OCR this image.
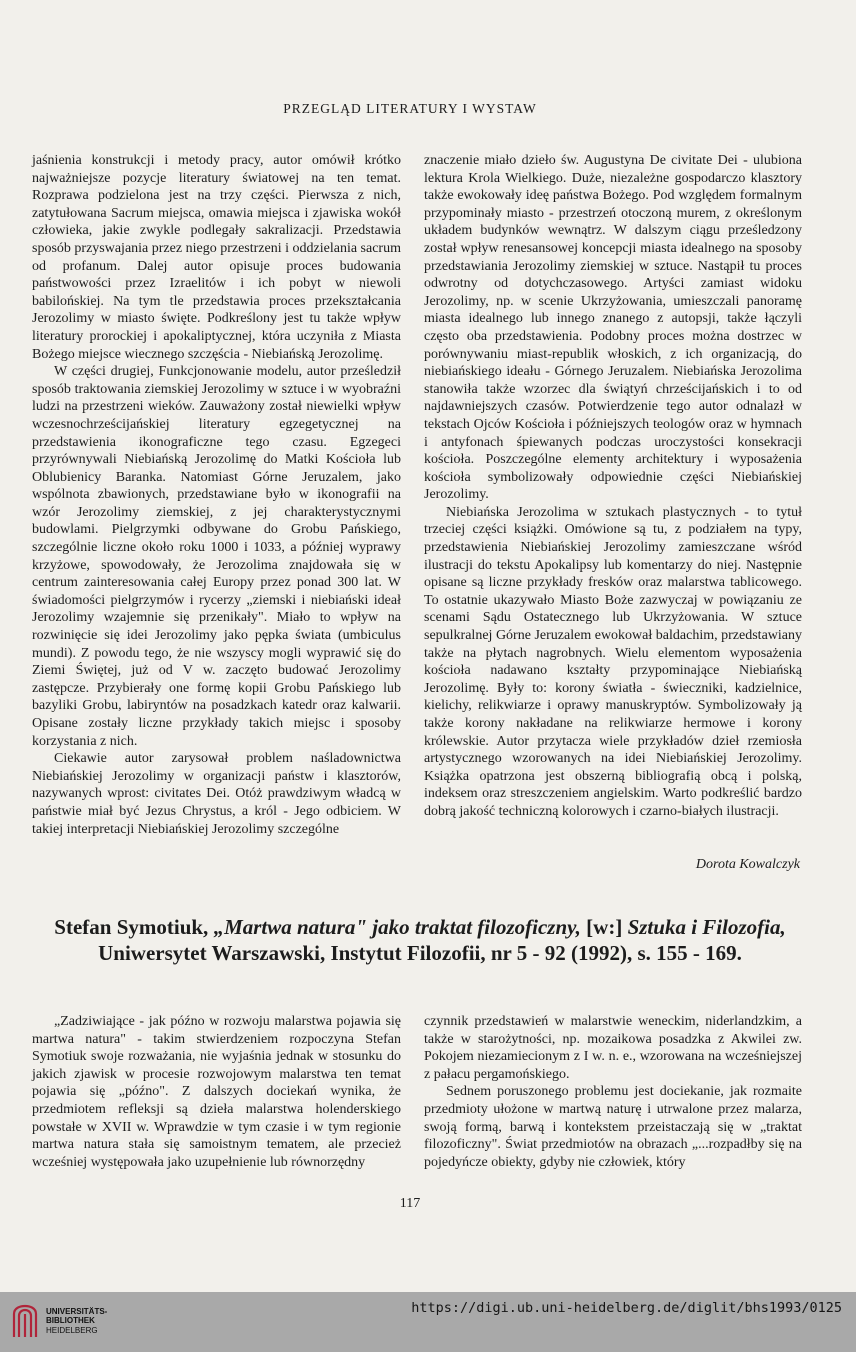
PRZEGLĄD LITERATURY I WYSTAW

jaśnienia konstrukcji i metody pracy, autor omówił krótko najważniejsze pozycje literatury światowej na ten temat. Rozprawa podzielona jest na trzy części. Pierwsza z nich, zatytułowana Sacrum miejsca, omawia miejsca i zjawiska wokół człowieka, jakie zwykle podlegały sakralizacji. Przedstawia sposób przyswajania przez niego przestrzeni i oddzielania sacrum od profanum. Dalej autor opisuje proces budowania państwowości przez Izraelitów i ich pobyt w niewoli babilońskiej. Na tym tle przedstawia proces przekształcania Jerozolimy w miasto święte. Podkreślony jest tu także wpływ literatury prorockiej i apokaliptycznej, która uczyniła z Miasta Bożego miejsce wiecznego szczęścia - Niebiańską Jerozolimę.

W części drugiej, Funkcjonowanie modelu, autor prześledził sposób traktowania ziemskiej Jerozolimy w sztuce i w wyobraźni ludzi na przestrzeni wieków. Zauważony został niewielki wpływ wczesnochrześcijańskiej literatury egzegetycznej na przedstawienia ikonograficzne tego czasu. Egzegeci przyrównywali Niebiańską Jerozolimę do Matki Kościoła lub Oblubienicy Baranka. Natomiast Górne Jeruzalem, jako wspólnota zbawionych, przedstawiane było w ikonografii na wzór Jerozolimy ziemskiej, z jej charakterystycznymi budowlami. Pielgrzymki odbywane do Grobu Pańskiego, szczególnie liczne około roku 1000 i 1033, a później wyprawy krzyżowe, spowodowały, że Jerozolima znajdowała się w centrum zainteresowania całej Europy przez ponad 300 lat. W świadomości pielgrzymów i rycerzy „ziemski i niebiański ideał Jerozolimy wzajemnie się przenikały". Miało to wpływ na rozwinięcie się idei Jerozolimy jako pępka świata (umbiculus mundi). Z powodu tego, że nie wszyscy mogli wyprawić się do Ziemi Świętej, już od V w. zaczęto budować Jerozolimy zastępcze. Przybierały one formę kopii Grobu Pańskiego lub bazyliki Grobu, labiryntów na posadzkach katedr oraz kalwarii. Opisane zostały liczne przykłady takich miejsc i sposoby korzystania z nich.

Ciekawie autor zarysował problem naśladownictwa Niebiańskiej Jerozolimy w organizacji państw i klasztorów, nazywanych wprost: civitates Dei. Otóż prawdziwym władcą w państwie miał być Jezus Chrystus, a król - Jego odbiciem. W takiej interpretacji Niebiańskiej Jerozolimy szczególne

znaczenie miało dzieło św. Augustyna De civitate Dei - ulubiona lektura Krola Wielkiego. Duże, niezależne gospodarczo klasztory także ewokowały ideę państwa Bożego. Pod względem formalnym przypominały miasto - przestrzeń otoczoną murem, z określonym układem budynków wewnątrz. W dalszym ciągu prześledzony został wpływ renesansowej koncepcji miasta idealnego na sposoby przedstawiania Jerozolimy ziemskiej w sztuce. Nastąpił tu proces odwrotny od dotychczasowego. Artyści zamiast widoku Jerozolimy, np. w scenie Ukrzyżowania, umieszczali panoramę miasta idealnego lub innego znanego z autopsji, także łączyli często oba przedstawienia. Podobny proces można dostrzec w porównywaniu miast-republik włoskich, z ich organizacją, do niebiańskiego ideału - Górnego Jeruzalem. Niebiańska Jerozolima stanowiła także wzorzec dla świątyń chrześcijańskich i to od najdawniejszych czasów. Potwierdzenie tego autor odnalazł w tekstach Ojców Kościoła i późniejszych teologów oraz w hymnach i antyfonach śpiewanych podczas uroczystości konsekracji kościoła. Poszczególne elementy architektury i wyposażenia kościoła symbolizowały odpowiednie części Niebiańskiej Jerozolimy.

Niebiańska Jerozolima w sztukach plastycznych - to tytuł trzeciej części książki. Omówione są tu, z podziałem na typy, przedstawienia Niebiańskiej Jerozolimy zamieszczane wśród ilustracji do tekstu Apokalipsy lub komentarzy do niej. Następnie opisane są liczne przykłady fresków oraz malarstwa tablicowego. To ostatnie ukazywało Miasto Boże zazwyczaj w powiązaniu ze scenami Sądu Ostatecznego lub Ukrzyżowania. W sztuce sepulkralnej Górne Jeruzalem ewokował baldachim, przedstawiany także na płytach nagrobnych. Wielu elementom wyposażenia kościoła nadawano kształty przypominające Niebiańską Jerozolimę. Były to: korony światła - świeczniki, kadzielnice, kielichy, relikwiarze i oprawy manuskryptów. Symbolizowały ją także korony nakładane na relikwiarze hermowe i korony królewskie. Autor przytacza wiele przykładów dzieł rzemiosła artystycznego wzorowanych na idei Niebiańskiej Jerozolimy. Książka opatrzona jest obszerną bibliografią obcą i polską, indeksem oraz streszczeniem angielskim. Warto podkreślić bardzo dobrą jakość techniczną kolorowych i czarno-białych ilustracji.

Dorota Kowalczyk
Stefan Symotiuk, „Martwa natura" jako traktat filozoficzny, [w:] Sztuka i Filozofia,
Uniwersytet Warszawski, Instytut Filozofii, nr 5 - 92 (1992), s. 155 - 169.

„Zadziwiające - jak późno w rozwoju malarstwa pojawia się martwa natura" - takim stwierdzeniem rozpoczyna Stefan Symotiuk swoje rozważania, nie wyjaśnia jednak w stosunku do jakich zjawisk w procesie rozwojowym malarstwa ten temat pojawia się „późno". Z dalszych dociekań wynika, że przedmiotem refleksji są dzieła malarstwa holenderskiego powstałe w XVII w. Wprawdzie w tym czasie i w tym regionie martwa natura stała się samoistnym tematem, ale przecież wcześniej występowała jako uzupełnienie lub równorzędny

czynnik przedstawień w malarstwie weneckim, niderlandzkim, a także w starożytności, np. mozaikowa posadzka z Akwilei zw. Pokojem niezamiecionym z I w. n. e., wzorowana na wcześniejszej z pałacu pergamońskiego.

Sednem poruszonego problemu jest dociekanie, jak rozmaite przedmioty ułożone w martwą naturę i utrwalone przez malarza, swoją formą, barwą i kontekstem przeistaczają się w „traktat filozoficzny". Świat przedmiotów na obrazach „...rozpadłby się na pojedyńcze obiekty, gdyby nie człowiek, który

117
UNIVERSITÄTS-
BIBLIOTHEK
HEIDELBERG
https://digi.ub.uni-heidelberg.de/diglit/bhs1993/0125
